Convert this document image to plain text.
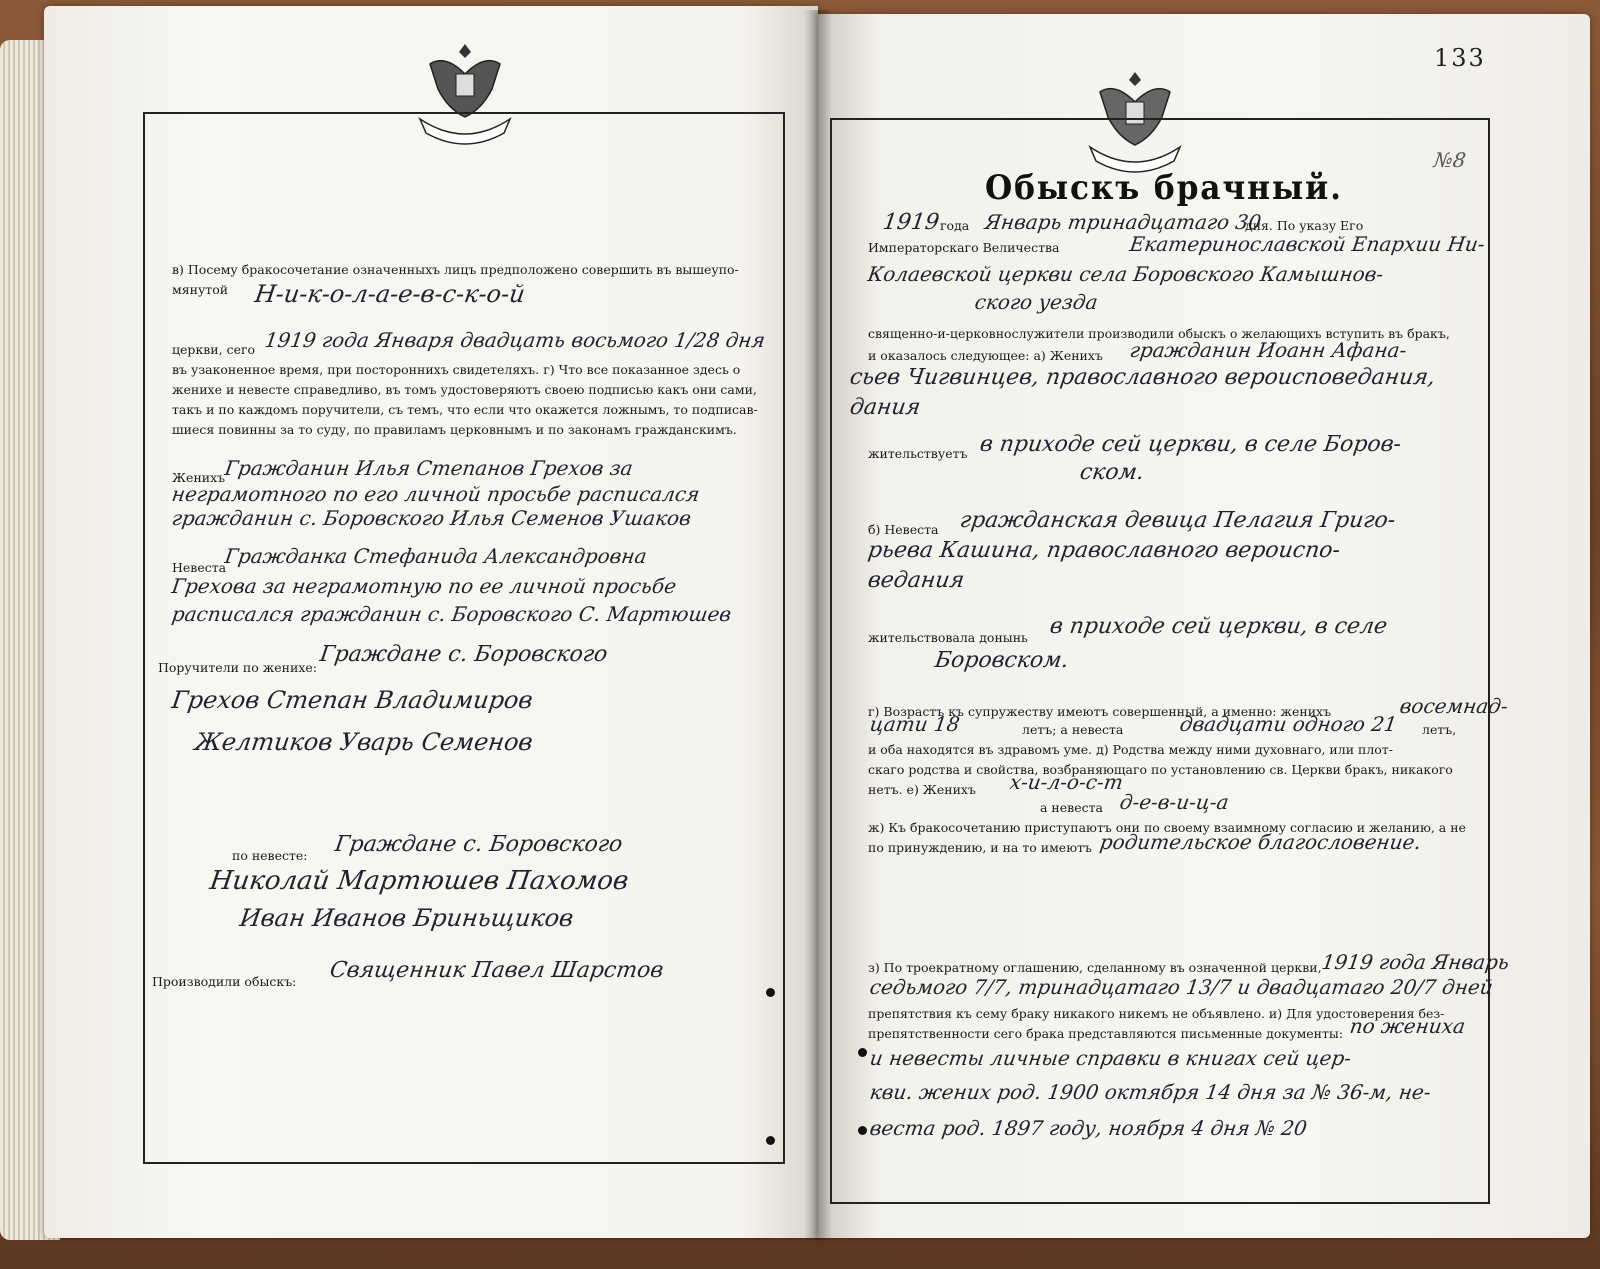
133
№8
Обыскъ брачный.
1919 года Январь тринадцатаго 30
дня. По указу Его
Императорскаго Величества	Екатеринославской Епархии Ни-
Колаевской церкви села Боровского Камышнов-
ского уезда
священно-и-церковнослужители производили обыскъ о желающихъ вступить въ бракъ,
и оказалось следующее: а) Женихъ гражданин Иоанн Афана-
сьев Чигвинцев, православного вероисповедания,
дания
жительствуетъ в приходе сей церкви, в селе Боров-
ском.
б) Невеста гражданская девица Пелагия Григо-
рьева Кашина, православного вероиспо-
ведания
жительствовала донынь в приходе сей церкви, в селе
Боровском.
г) Возрастъ къ супружеству имеютъ совершенный, а именно: женихъ	восемнад-
цати 18	летъ; а невеста	двадцати одного 21 летъ,
и оба находятся въ здравомъ уме. д) Родства между ними духовнаго, или плот-
скаго родства и свойства, возбраняющаго по установлению св. Церкви бракъ, никакого
нетъ. е) Женихъ х-и-л-о-с-т
а невеста д-е-в-и-ц-а
ж) Къ бракосочетанию приступаютъ они по своему взаимному согласию и желанию, а не
по принуждению, и на то имеютъ родительское благословение.
з) По троекратному оглашению, сделанному въ означенной церкви,
1919 года Январь
седьмого 7/7, тринадцатаго 13/7 и двадцатаго 20/7 дней
препятствия къ сему браку никакого никемъ не объявлено. и) Для удостоверения без-
препятственности сего брака представляются письменные документы: по жениха
и невесты личные справки в книгах сей цер-
кви. жених род. 1900 октября 14 дня за № 36-м, не-
веста род. 1897 году, ноября 4 дня № 20
в) Посему бракосочетание означенныхъ лицъ предположено совершить въ вышеупо-
мянутой Н-и-к-о-л-а-е-в-с-к-о-й
церкви, сего 1919 года Января двадцать восьмого 1/28 дня
въ узаконенное время, при постороннихъ свидетеляхъ. г) Что все показанное здесь о
женихе и невесте справедливо, въ томъ удостоверяютъ своею подписью какъ они сами,
такъ и по каждомъ поручители, съ темъ, что если что окажется ложнымъ, то подписав-
шиеся повинны за то суду, по правиламъ церковнымъ и по законамъ гражданскимъ.
Женихъ
Гражданин Илья Степанов Грехов за
неграмотного по его личной просьбе расписался
гражданин с. Боровского Илья Семенов Ушаков
Невеста
Гражданка Стефанида Александровна
Грехова за неграмотную по ее личной просьбе
расписался гражданин с. Боровского С. Мартюшев
Поручители по женихе:
Граждане с. Боровского
Грехов Степан Владимиров
Желтиков Уварь Семенов
по невесте: Граждане с. Боровского
Николай Мартюшев Пахомов
Иван Иванов Бриньщиков
Производили обыскъ: Священник Павел Шарстов
